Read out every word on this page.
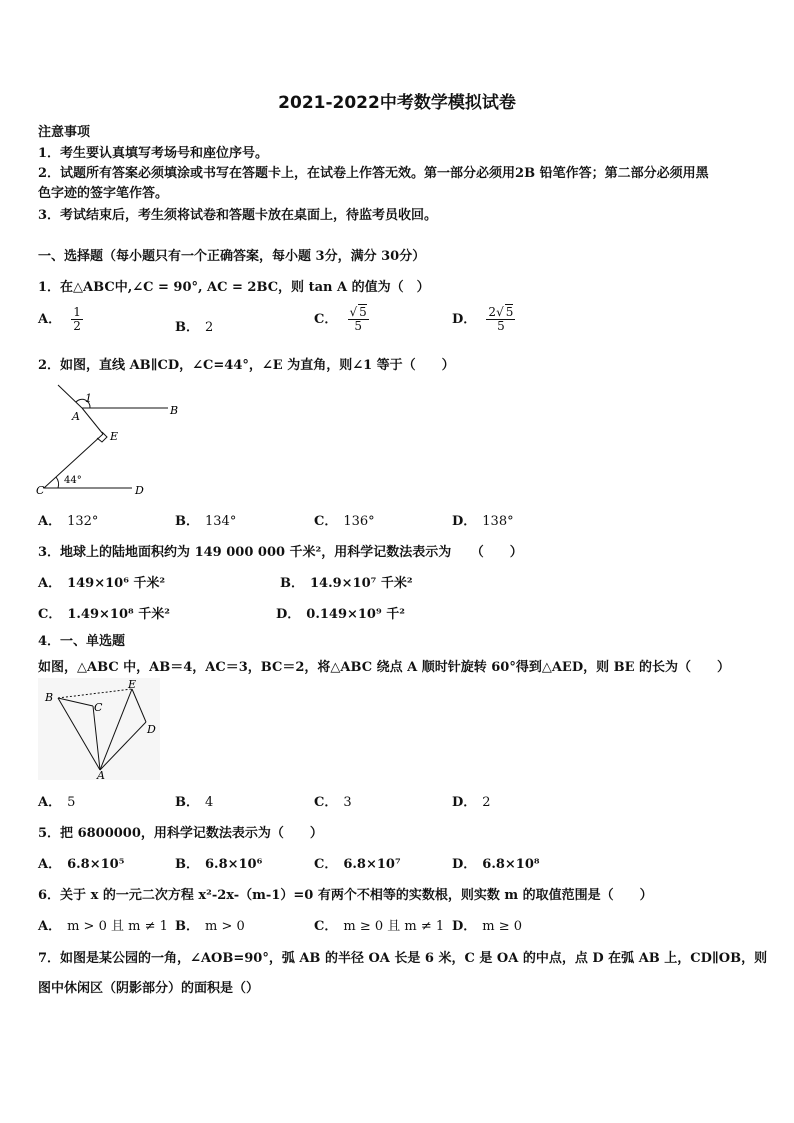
2021-2022中考数学模拟试卷
注意事项
1．考生要认真填写考场号和座位序号。
2．试题所有答案必须填涂或书写在答题卡上，在试卷上作答无效。第一部分必须用2B 铅笔作答；第二部分必须用黑
色字迹的签字笔作答。
3．考试结束后，考生须将试卷和答题卡放在桌面上，待监考员收回。
一、选择题（每小题只有一个正确答案，每小题 3分，满分 30分）
1．在△ABC中,∠C = 90°, AC = 2BC，则 tan A 的值为（　）
A． $\frac{1}{2}$	B． 2
C． $\frac{√ 5}{5}$	D． $\frac{2√ 5}{5}$
2．如图，直线 AB∥CD，∠C=44°，∠E 为直角，则∠1 等于（　　）
1
A	B
E
C	D
44°
A． 132°	B． 134°	C． 136°	D． 138°
3．地球上的陆地面积约为 149 000 000 千米²，用科学记数法表示为　　（　　）
A． 149×10⁶ 千米²	B． 14.9×10⁷ 千米²
C． 1.49×10⁸ 千米²	D． 0.149×10⁹ 千²
4．一、单选题
如图，△ABC 中，AB＝4，AC＝3，BC＝2，将△ABC 绕点 A 顺时针旋转 60°得到△AED，则 BE 的长为（　　）
B
C
E
D
A
A． 5	B． 4	C． 3	D． 2
5．把 6800000，用科学记数法表示为（　　）
A． 6.8×10⁵	B． 6.8×10⁶	C． 6.8×10⁷	D． 6.8×10⁸
6．关于 x 的一元二次方程 x²-2x-（m-1）=0 有两个不相等的实数根，则实数 m 的取值范围是（　　）
A． m > 0 且 m ≠ 1 B． m > 0	C． m ≥ 0 且 m ≠ 1 D． m ≥ 0
7．如图是某公园的一角，∠AOB=90°，弧 AB 的半径 OA 长是 6 米，C 是 OA 的中点，点 D 在弧 AB 上，CD∥OB，则
图中休闲区（阴影部分）的面积是（）
